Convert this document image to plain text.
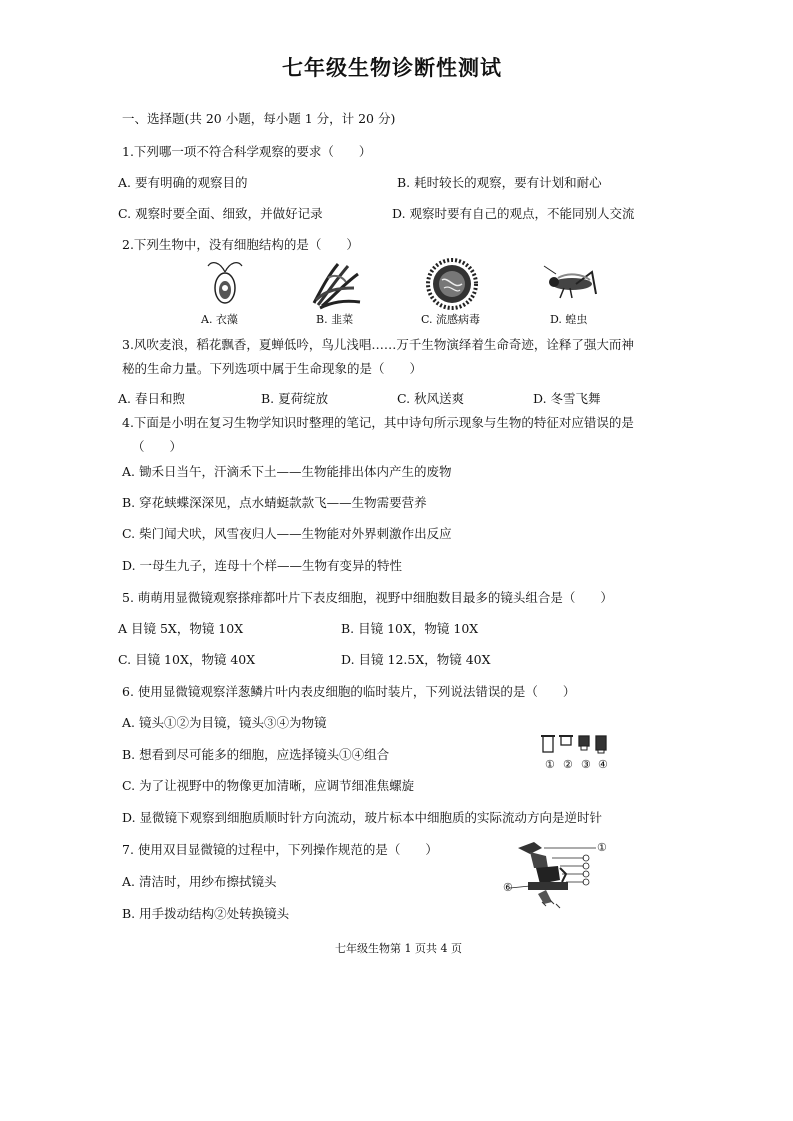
七年级生物诊断性测试
一、选择题(共 20 小题，每小题 1 分，计 20 分)
1.下列哪一项不符合科学观察的要求（　　）
A. 要有明确的观察目的	B. 耗时较长的观察，要有计划和耐心
C. 观察时要全面、细致，并做好记录	D. 观察时要有自己的观点，不能同别人交流
2.下列生物中，没有细胞结构的是（　　）
A. 衣藻	B. 韭菜	C. 流感病毒	D. 蝗虫
3.风吹麦浪，稻花飘香，夏蝉低吟，鸟儿浅唱……万千生物演绎着生命奇迹，诠释了强大而神
秘的生命力量。下列选项中属于生命现象的是（　　）
A. 春日和煦	B. 夏荷绽放	C. 秋风送爽	D. 冬雪飞舞
4.下面是小明在复习生物学知识时整理的笔记，其中诗句所示现象与生物的特征对应错误的是
（　　）
A. 锄禾日当午，汗滴禾下土——生物能排出体内产生的废物
B. 穿花蛱蝶深深见，点水蜻蜓款款飞——生物需要营养
C. 柴门闻犬吠，风雪夜归人——生物能对外界刺激作出反应
D. 一母生九子，连母十个样——生物有变异的特性
5. 萌萌用显微镜观察搽痱都叶片下表皮细胞，视野中细胞数目最多的镜头组合是（　　）
A 目镜 5X，物镜 10X	B. 目镜 10X，物镜 10X
C. 目镜 10X，物镜 40X	D. 目镜 12.5X，物镜 40X
6. 使用显微镜观察洋葱鳞片叶内表皮细胞的临时装片，下列说法错误的是（　　）
A. 镜头①②为目镜，镜头③④为物镜
B. 想看到尽可能多的细胞，应选择镜头①④组合
C. 为了让视野中的物像更加清晰，应调节细准焦螺旋
D. 显微镜下观察到细胞质顺时针方向流动，玻片标本中细胞质的实际流动方向是逆时针
① ② ③ ④
7. 使用双目显微镜的过程中，下列操作规范的是（　　）
A. 清洁时，用纱布擦拭镜头
B. 用手拨动结构②处转换镜头
①
⑥
七年级生物第 1 页共 4 页
